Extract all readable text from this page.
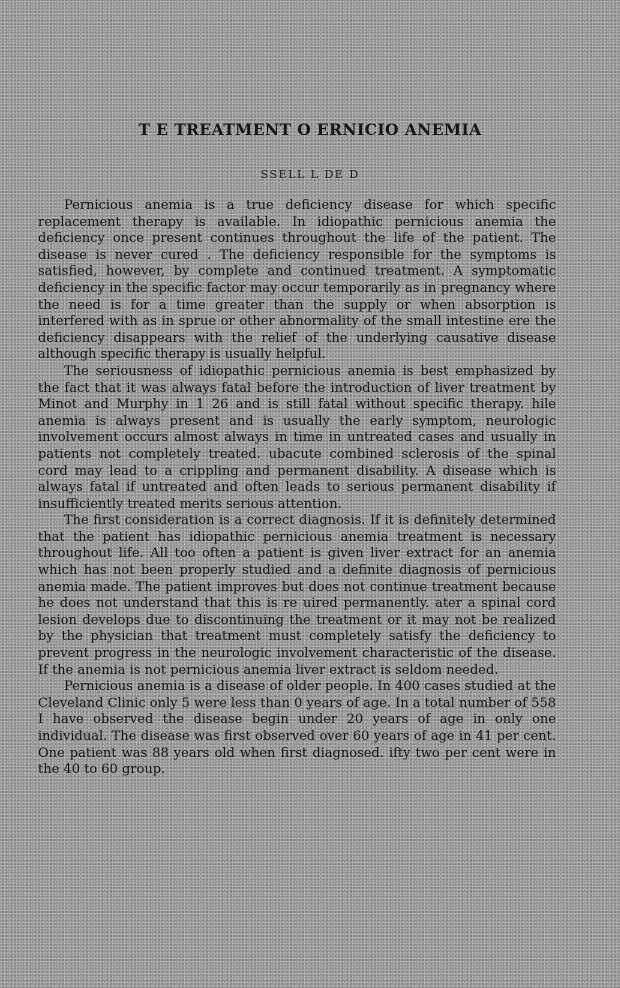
T E TREATMENT O ERNICIO ANEMIA
SSELL L DE D

Pernicious anemia is a true deficiency disease for which specific replacement therapy is available. In idiopathic pernicious anemia the deficiency once present continues throughout the life of the patient. The disease is never cured . The deficiency responsible for the symptoms is satisfied, however, by complete and continued treatment. A symptomatic deficiency in the specific factor may occur temporarily as in pregnancy where the need is for a time greater than the supply or when absorption is interfered with as in sprue or other abnormality of the small intestine ere the deficiency disappears with the relief of the underlying causative disease although specific therapy is usually helpful.

The seriousness of idiopathic pernicious anemia is best emphasized by the fact that it was always fatal before the introduction of liver treatment by Minot and Murphy in 1 26 and is still fatal without specific therapy. hile anemia is always present and is usually the early symptom, neurologic involvement occurs almost always in time in untreated cases and usually in patients not completely treated. ubacute combined sclerosis of the spinal cord may lead to a crippling and permanent disability. A disease which is always fatal if untreated and often leads to serious permanent disability if insufficiently treated merits serious attention.

The first consideration is a correct diagnosis. If it is definitely determined that the patient has idiopathic pernicious anemia treatment is necessary throughout life. All too often a patient is given liver extract for an anemia which has not been properly studied and a definite diagnosis of pernicious anemia made. The patient improves but does not continue treatment because he does not understand that this is re uired permanently. ater a spinal cord lesion develops due to discontinuing the treatment or it may not be realized by the physician that treatment must completely satisfy the deficiency to prevent progress in the neurologic involvement characteristic of the disease. If the anemia is not pernicious anemia liver extract is seldom needed.

Pernicious anemia is a disease of older people. In 400 cases studied at the Cleveland Clinic only 5 were less than 0 years of age. In a total number of 558 I have observed the disease begin under 20 years of age in only one individual. The disease was first observed over 60 years of age in 41 per cent. One patient was 88 years old when first diagnosed. ifty two per cent were in the 40 to 60 group.
